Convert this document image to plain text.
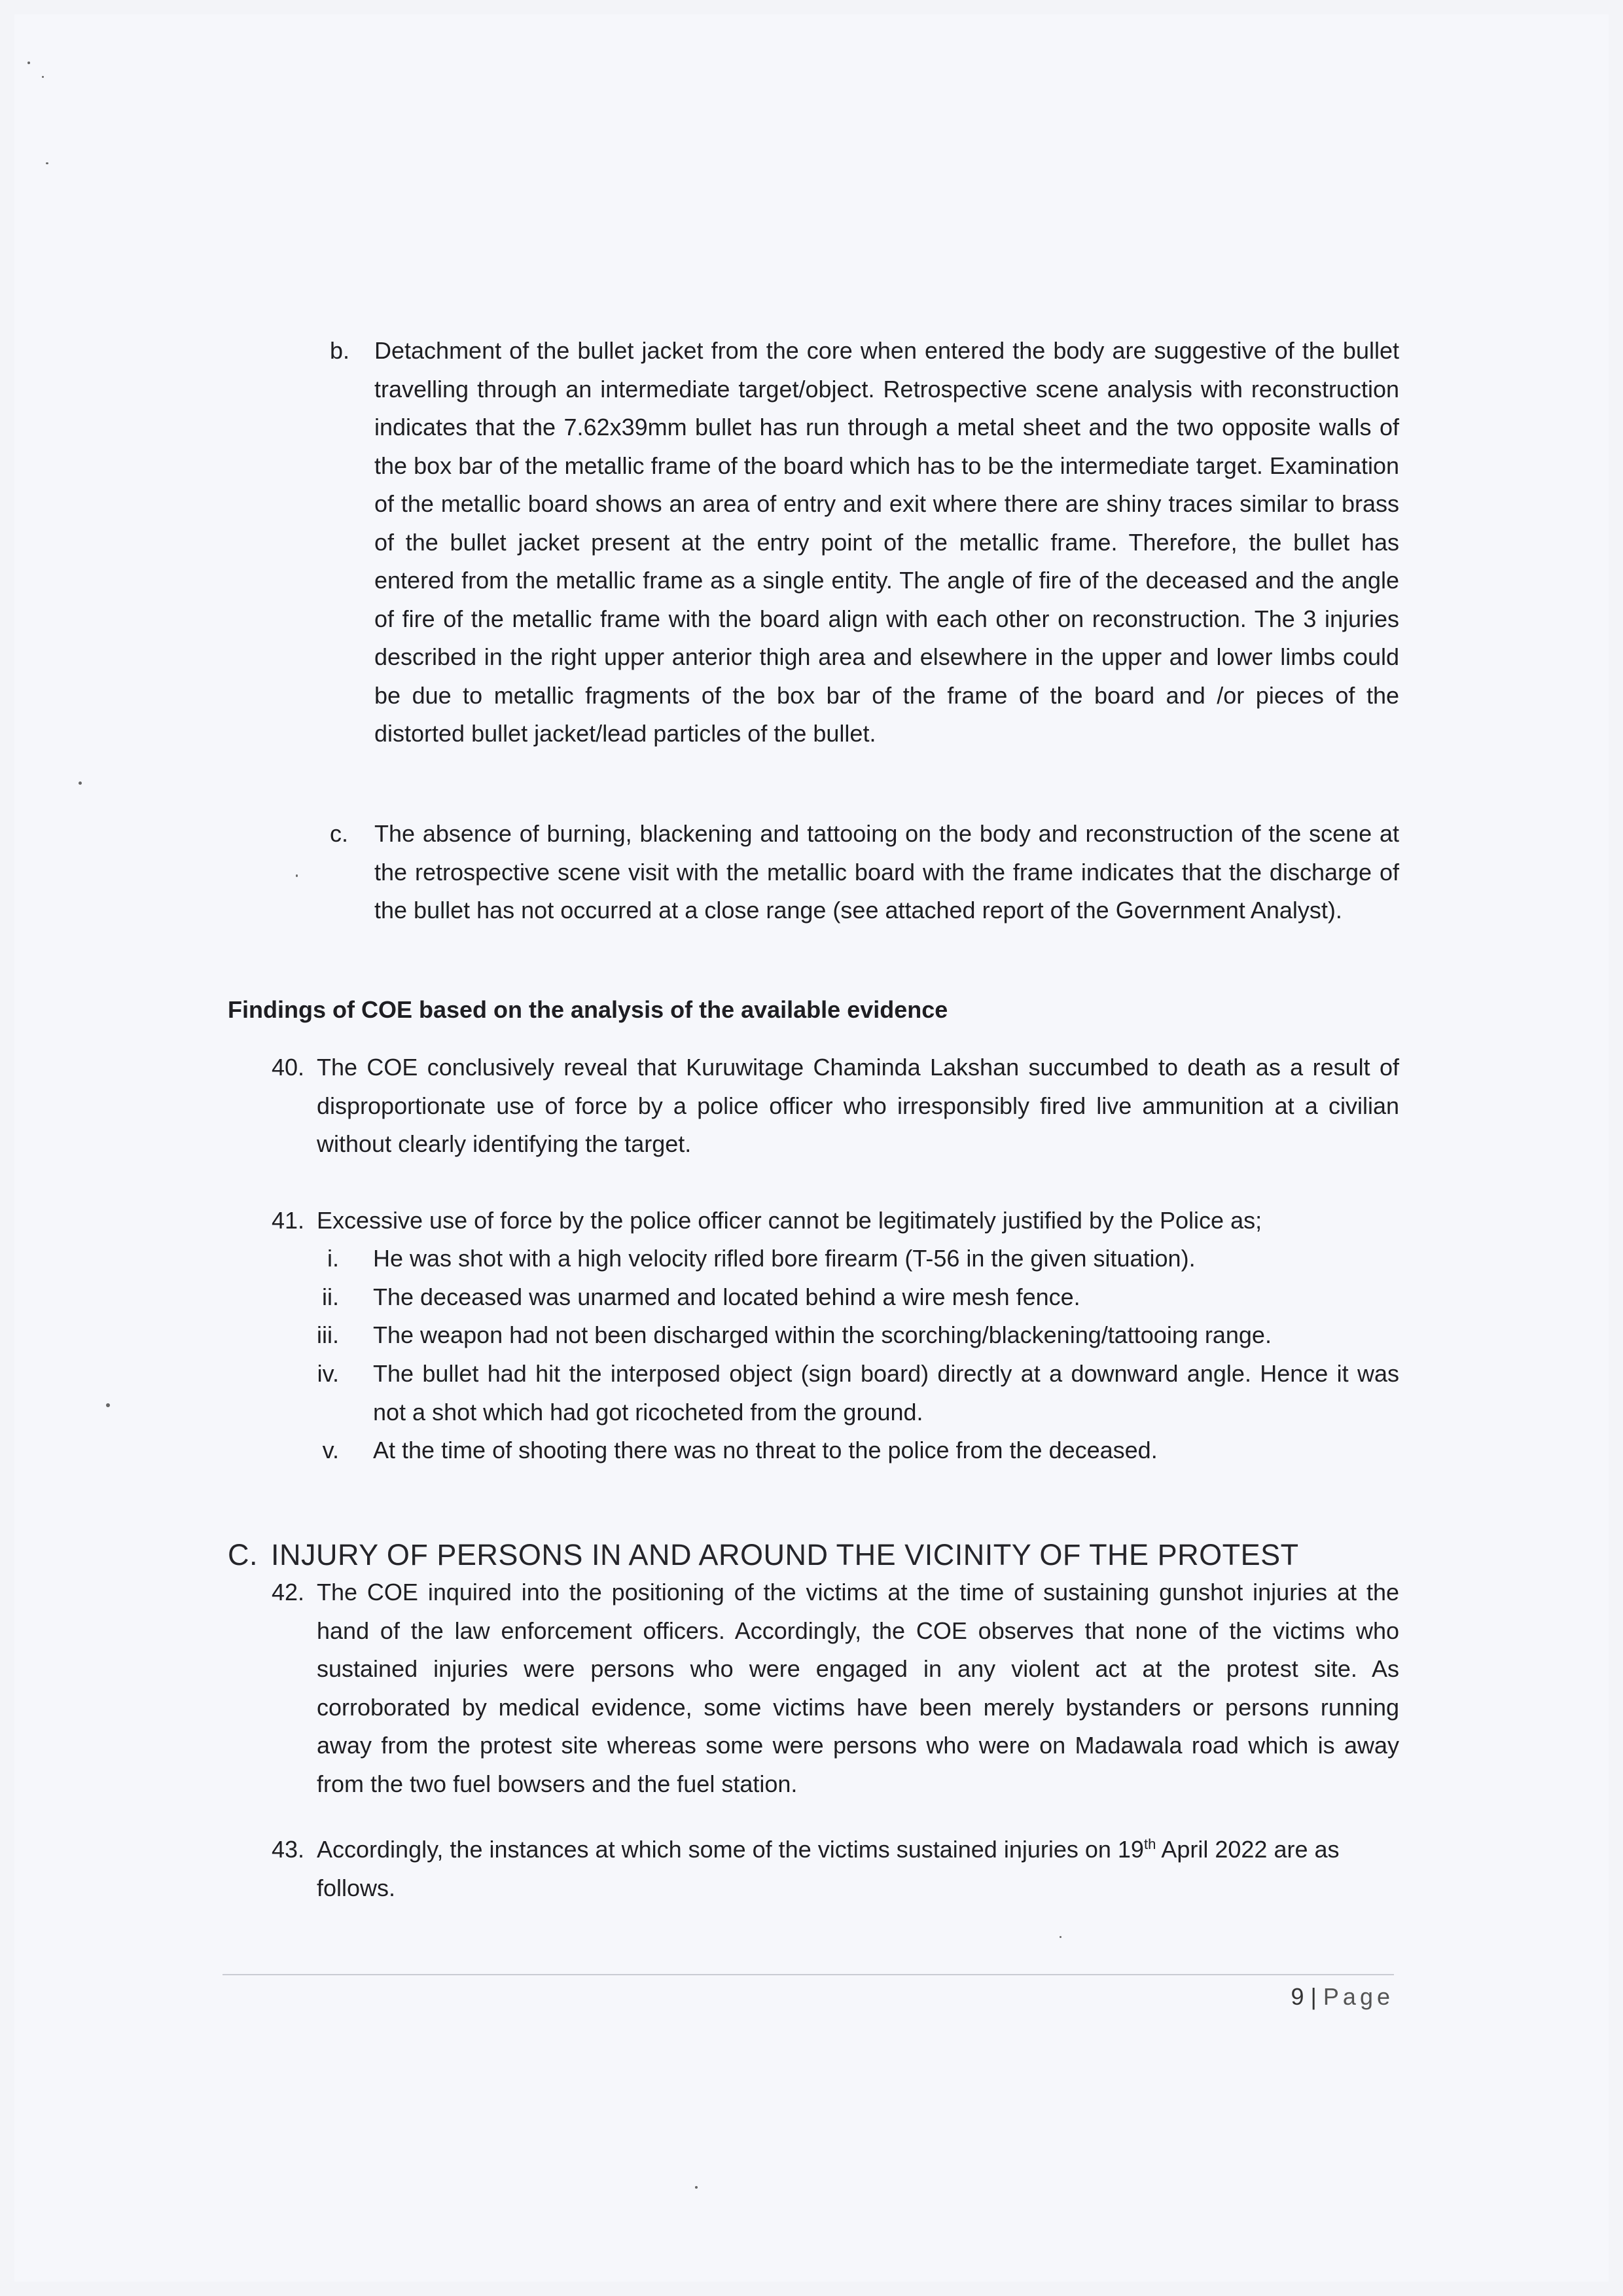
b. Detachment of the bullet jacket from the core when entered the body are suggestive of the bullet travelling through an intermediate target/object. Retrospective scene analysis with reconstruction indicates that the 7.62x39mm bullet has run through a metal sheet and the two opposite walls of the box bar of the metallic frame of the board which has to be the intermediate target. Examination of the metallic board shows an area of entry and exit where there are shiny traces similar to brass of the bullet jacket present at the entry point of the metallic frame. Therefore, the bullet has entered from the metallic frame as a single entity. The angle of fire of the deceased and the angle of fire of the metallic frame with the board align with each other on reconstruction. The 3 injuries described in the right upper anterior thigh area and elsewhere in the upper and lower limbs could be due to metallic fragments of the box bar of the frame of the board and /or pieces of the distorted bullet jacket/lead particles of the bullet.

c. The absence of burning, blackening and tattooing on the body and reconstruction of the scene at the retrospective scene visit with the metallic board with the frame indicates that the discharge of the bullet has not occurred at a close range (see attached report of the Government Analyst).

Findings of COE based on the analysis of the available evidence
40. The COE conclusively reveal that Kuruwitage Chaminda Lakshan succumbed to death as a result of disproportionate use of force by a police officer who irresponsibly fired live ammunition at a civilian without clearly identifying the target.

41. Excessive use of force by the police officer cannot be legitimately justified by the Police as;

i. He was shot with a high velocity rifled bore firearm (T-56 in the given situation).

ii. The deceased was unarmed and located behind a wire mesh fence.

iii. The weapon had not been discharged within the scorching/blackening/tattooing range.

iv. The bullet had hit the interposed object (sign board) directly at a downward angle. Hence it was not a shot which had got ricocheted from the ground.

v. At the time of shooting there was no threat to the police from the deceased.

C. INJURY OF PERSONS IN AND AROUND THE VICINITY OF THE PROTEST
42. The COE inquired into the positioning of the victims at the time of sustaining gunshot injuries at the hand of the law enforcement officers. Accordingly, the COE observes that none of the victims who sustained injuries were persons who were engaged in any violent act at the protest site. As corroborated by medical evidence, some victims have been merely bystanders or persons running away from the protest site whereas some were persons who were on Madawala road which is away from the two fuel bowsers and the fuel station.

43. Accordingly, the instances at which some of the victims sustained injuries on 19th April 2022 are as follows.

9 | Page
